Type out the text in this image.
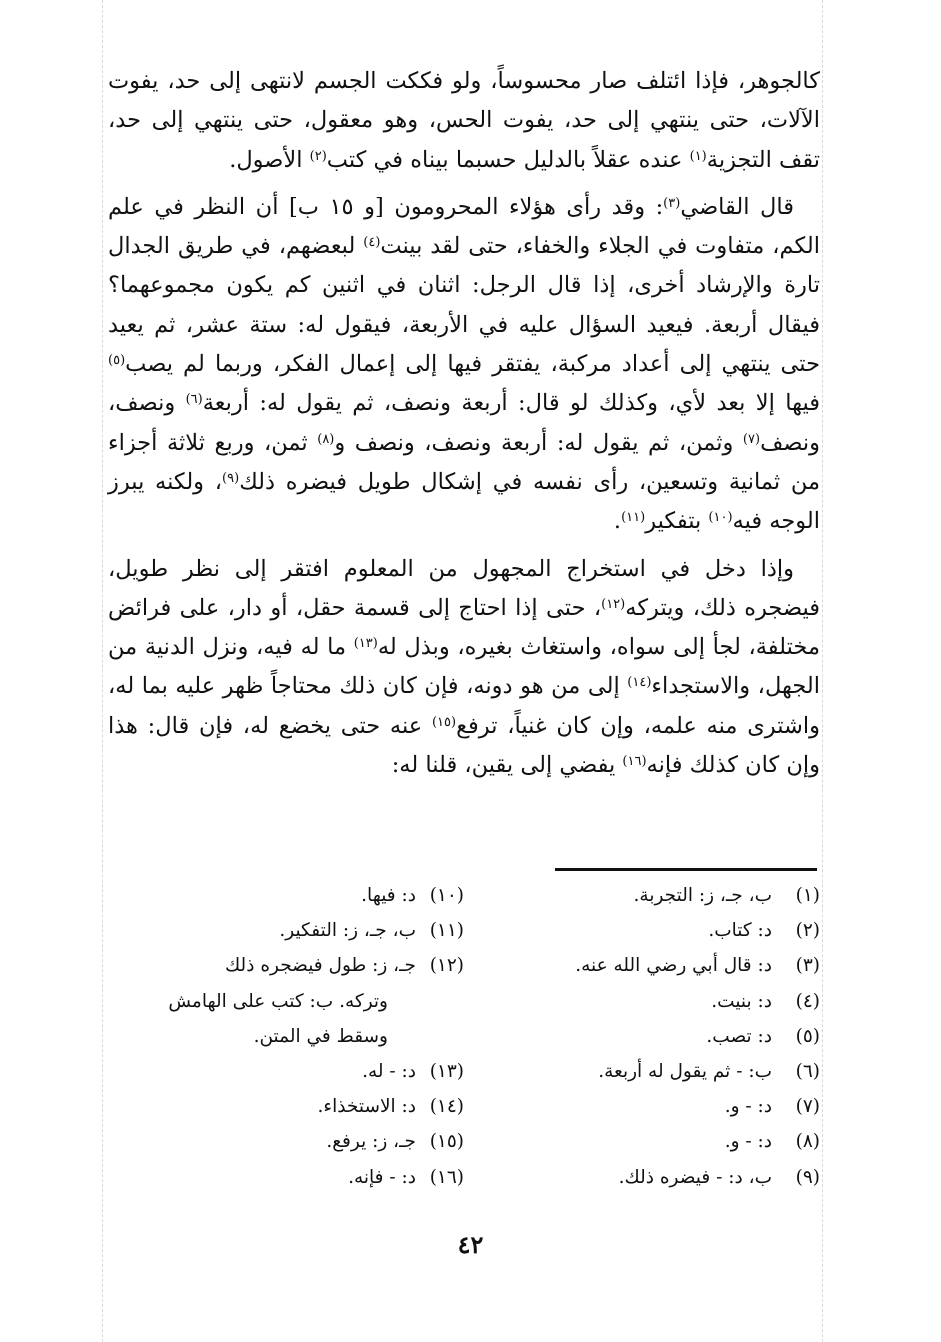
كالجوهر، فإذا ائتلف صار محسوساً، ولو فككت الجسم لانتهى إلى حد، يفوت الآلات، حتى ينتهي إلى حد، يفوت الحس، وهو معقول، حتى ينتهي إلى حد، تقف التجزية$^{(١)}$ عنده عقلاً بالدليل حسبما بيناه في كتب$^{(٢)}$ الأصول.

قال القاضي$^{(٣)}$: وقد رأى هؤلاء المحرومون [و ١٥ ب] أن النظر في علم الكم، متفاوت في الجلاء والخفاء، حتى لقد بينت$^{(٤)}$ لبعضهم، في طريق الجدال تارة والإرشاد أخرى، إذا قال الرجل: اثنان في اثنين كم يكون مجموعهما؟ فيقال أربعة. فيعيد السؤال عليه في الأربعة، فيقول له: ستة عشر، ثم يعيد حتى ينتهي إلى أعداد مركبة، يفتقر فيها إلى إعمال الفكر، وربما لم يصب$^{(٥)}$ فيها إلا بعد لأي، وكذلك لو قال: أربعة ونصف، ثم يقول له: أربعة$^{(٦)}$ ونصف، ونصف$^{(٧)}$ وثمن، ثم يقول له: أربعة ونصف، ونصف و$^{(٨)}$ ثمن، وربع ثلاثة أجزاء من ثمانية وتسعين، رأى نفسه في إشكال طويل فيضره ذلك$^{(٩)}$، ولكنه يبرز الوجه فيه$^{(١٠)}$ بتفكير$^{(١١)}$.

وإذا دخل في استخراج المجهول من المعلوم افتقر إلى نظر طويل، فيضجره ذلك، ويتركه$^{(١٢)}$، حتى إذا احتاج إلى قسمة حقل، أو دار، على فرائض مختلفة، لجأ إلى سواه، واستغاث بغيره، وبذل له$^{(١٣)}$ ما له فيه، ونزل الدنية من الجهل، والاستجداء$^{(١٤)}$ إلى من هو دونه، فإن كان ذلك محتاجاً ظهر عليه بما له، واشترى منه علمه، وإن كان غنياً، ترفع$^{(١٥)}$ عنه حتى يخضع له، فإن قال: هذا وإن كان كذلك فإنه$^{(١٦)}$ يفضي إلى يقين، قلنا له:

(١)ب، جـ، ز: التجربة.
(٢)د: كتاب.
(٣)د: قال أبي رضي الله عنه.
(٤)د: بنيت.
(٥)د: تصب.
(٦)ب: - ثم يقول له أربعة.
(٧)د: - و.
(٨)د: - و.
(٩)ب، د: - فيضره ذلك.
(١٠)د: فيها.
(١١)ب، جـ، ز: التفكير.
(١٢)جـ، ز: طول فيضجره ذلك
وتركه. ب: كتب على الهامش
وسقط في المتن.
(١٣)د: - له.
(١٤)د: الاستخذاء.
(١٥)جـ، ز: يرفع.
(١٦)د: - فإنه.
٤٢
